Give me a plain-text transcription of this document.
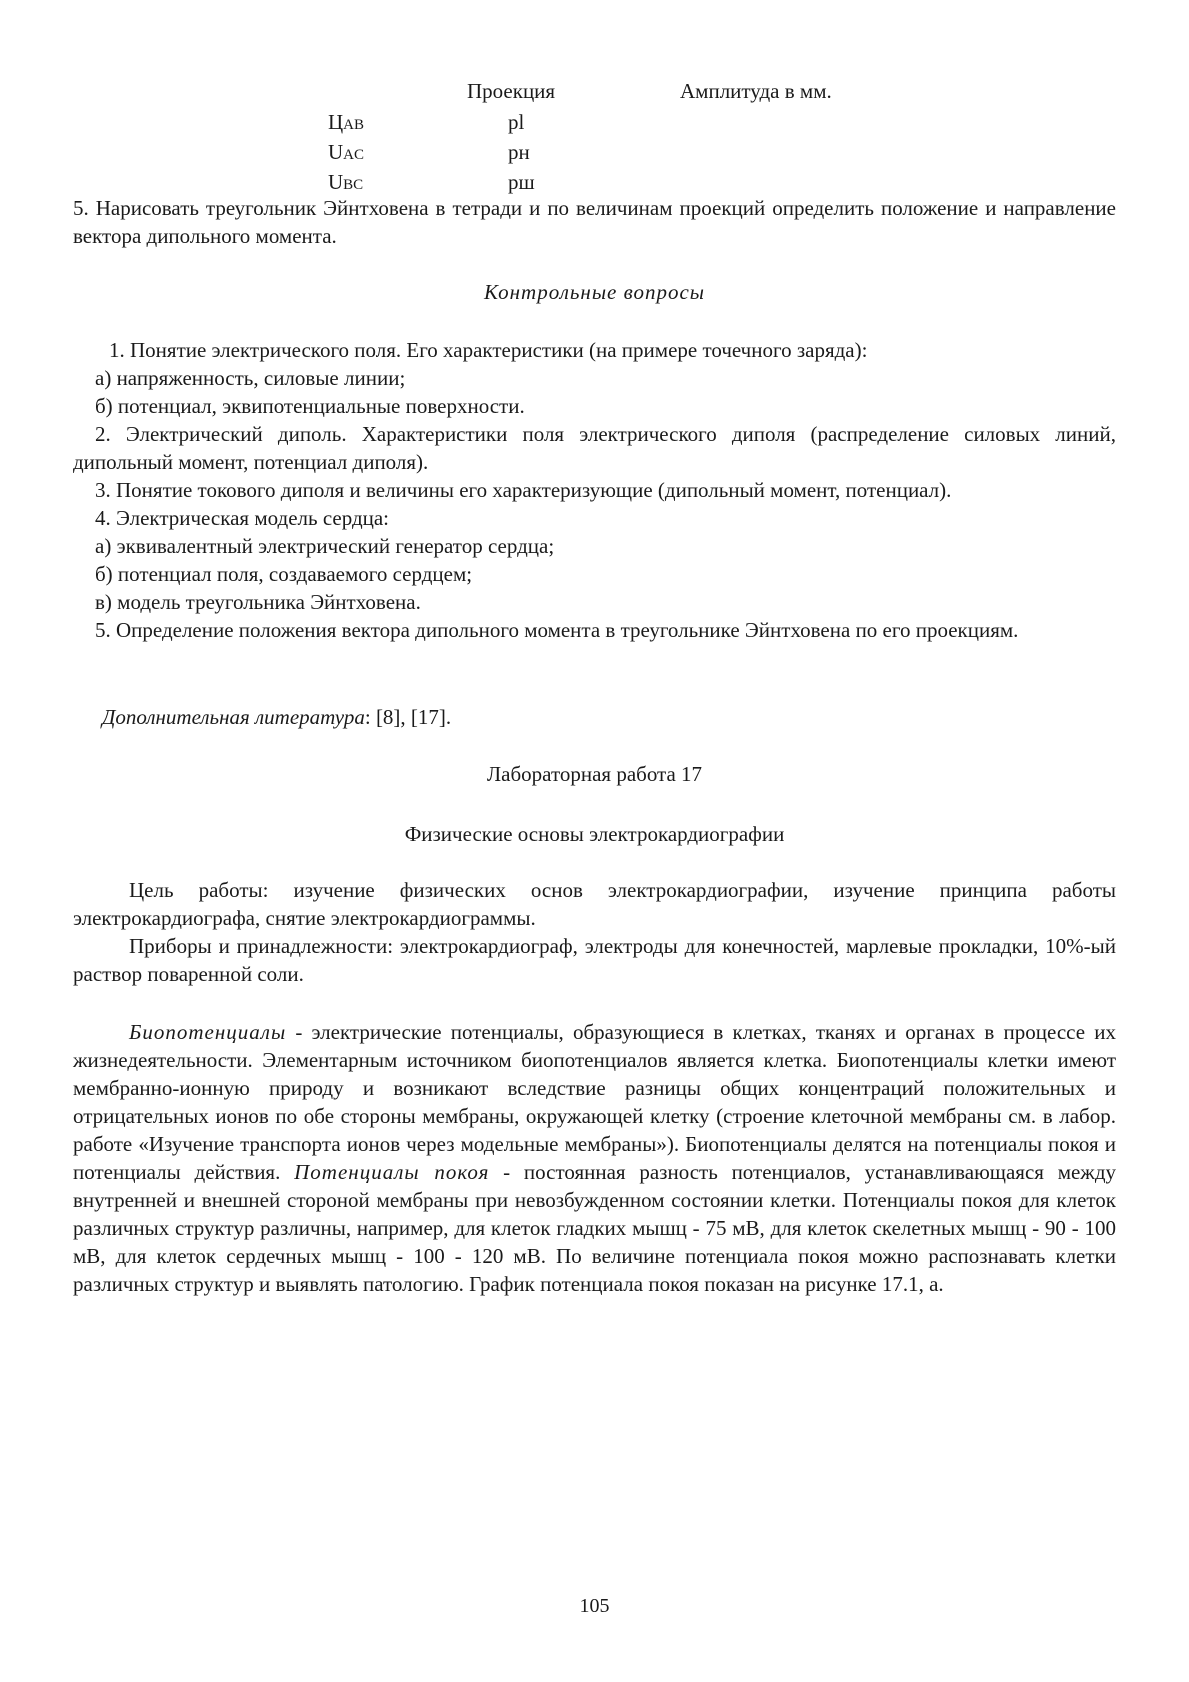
Проекция	Амплитуда в мм.
ЦAB	pl
UAC	рн
UBC	рш

5. Нарисовать треугольник Эйнтховена в тетради и по величинам проекций определить положение и направление вектора дипольного момента.

Контрольные вопросы

1. Понятие электрического поля. Его характеристики (на примере точечного заряда):

а) напряженность, силовые линии;

б) потенциал, эквипотенциальные поверхности.

2. Электрический диполь. Характеристики поля электрического диполя (распределение силовых линий, дипольный момент, потенциал диполя).

3. Понятие токового диполя и величины его характеризующие (дипольный момент, потенциал).

4. Электрическая модель сердца:

а) эквивалентный электрический генератор сердца;

б) потенциал поля, создаваемого сердцем;

в) модель треугольника Эйнтховена.

5. Определение положения вектора дипольного момента в треугольнике Эйнтховена по его проекциям.

Дополнительная литература: [8], [17].
Лабораторная работа 17
Физические основы электрокардиографии

Цель работы: изучение физических основ электрокардиографии, изучение принципа работы электрокардиографа, снятие электрокардиограммы.

Приборы и принадлежности: электрокардиограф, электроды для конечностей, марлевые прокладки, 10%-ый раствор поваренной соли.

Биопотенциалы - электрические потенциалы, образующиеся в клетках, тканях и органах в процессе их жизнедеятельности. Элементарным источником биопотенциалов является клетка. Биопотенциалы клетки имеют мембранно-ионную природу и возникают вследствие разницы общих концентраций положительных и отрицательных ионов по обе стороны мембраны, окружающей клетку (строение клеточной мембраны см. в лабор. работе «Изучение транспорта ионов через модельные мембраны»). Биопотенциалы делятся на потенциалы покоя и потенциалы действия. Потенциалы покоя - постоянная разность потенциалов, устанавливающаяся между внутренней и внешней стороной мембраны при невозбужденном состоянии клетки. Потенциалы покоя для клеток различных структур различны, например, для клеток гладких мышц - 75 мВ, для клеток скелетных мышц - 90 - 100 мВ, для клеток сердечных мышц - 100 - 120 мВ. По величине потенциала покоя можно распознавать клетки различных структур и выявлять патологию. График потенциала покоя показан на рисунке 17.1, а.

105
